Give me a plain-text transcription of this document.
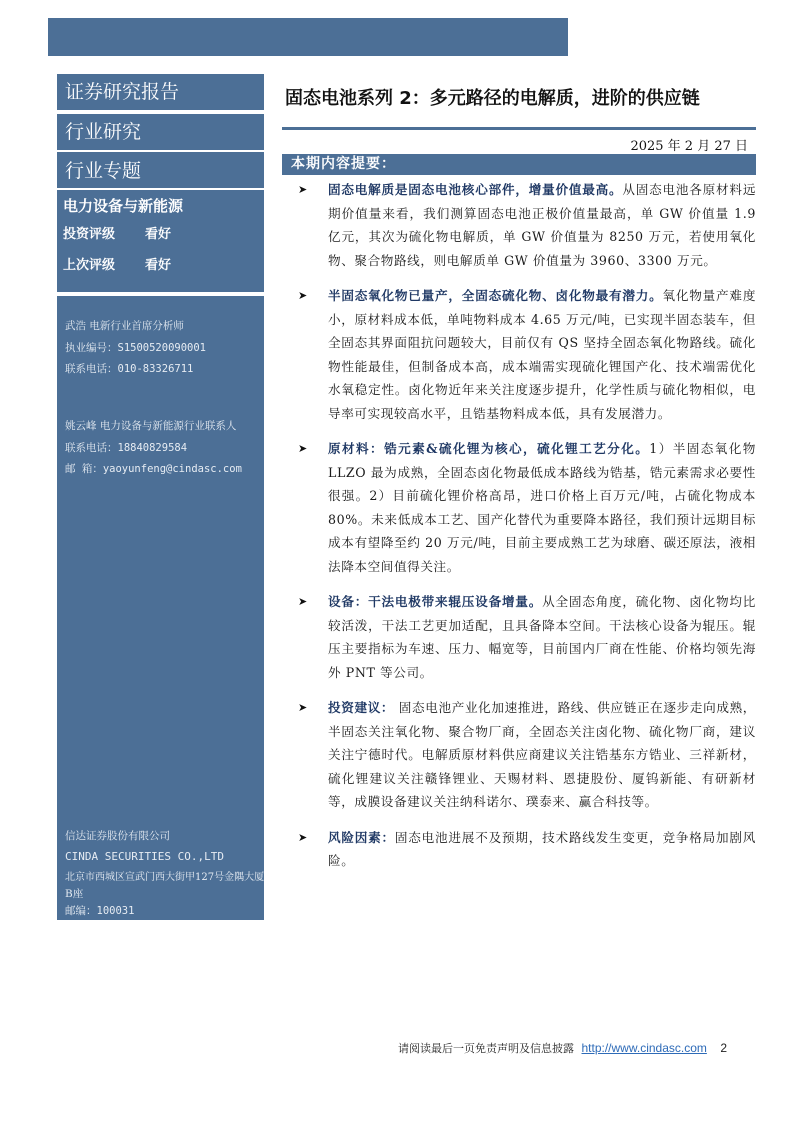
证券研究报告
行业研究
行业专题
电力设备与新能源
投资评级	看好
上次评级	看好
武浩 电新行业首席分析师
执业编号：S1500520090001
联系电话：010-83326711
姚云峰 电力设备与新能源行业联系人
联系电话：18840829584
邮 箱：yaoyunfeng@cindasc.com
信达证券股份有限公司
CINDA SECURITIES CO.,LTD
北京市西城区宣武门西大街甲127号金隅大厦
B座
邮编：100031
固态电池系列 2：多元路径的电解质，进阶的供应链
2025 年 2 月 27 日
本期内容提要：
➤	固态电解质是固态电池核心部件，增量价值最高。从固态电池各原材料远期价值量来看，我们测算固态电池正极价值量最高，单 GW 价值量 1.9 亿元，其次为硫化物电解质，单 GW 价值量为 8250 万元，若使用氧化物、聚合物路线，则电解质单 GW 价值量为 3960、3300 万元。
➤	半固态氧化物已量产，全固态硫化物、卤化物最有潜力。氧化物量产难度小，原材料成本低，单吨物料成本 4.65 万元/吨，已实现半固态装车，但全固态其界面阻抗问题较大，目前仅有 QS 坚持全固态氧化物路线。硫化物性能最佳，但制备成本高，成本端需实现硫化锂国产化、技术端需优化水氧稳定性。卤化物近年来关注度逐步提升，化学性质与硫化物相似，电导率可实现较高水平，且锆基物料成本低，具有发展潜力。
➤	原材料：锆元素&硫化锂为核心，硫化锂工艺分化。1）半固态氧化物 LLZO 最为成熟，全固态卤化物最低成本路线为锆基，锆元素需求必要性很强。2）目前硫化锂价格高昂，进口价格上百万元/吨，占硫化物成本 80%。未来低成本工艺、国产化替代为重要降本路径，我们预计远期目标成本有望降至约 20 万元/吨，目前主要成熟工艺为球磨、碳还原法，液相法降本空间值得关注。
➤	设备：干法电极带来辊压设备增量。从全固态角度，硫化物、卤化物均比较活泼，干法工艺更加适配，且具备降本空间。干法核心设备为辊压。辊压主要指标为车速、压力、幅宽等，目前国内厂商在性能、价格均领先海外 PNT 等公司。
➤	投资建议： 固态电池产业化加速推进，路线、供应链正在逐步走向成熟，半固态关注氧化物、聚合物厂商，全固态关注卤化物、硫化物厂商，建议关注宁德时代。电解质原材料供应商建议关注锆基东方锆业、三祥新材，硫化锂建议关注赣锋锂业、天赐材料、恩捷股份、厦钨新能、有研新材等，成膜设备建议关注纳科诺尔、璞泰来、赢合科技等。
➤	风险因素：固态电池进展不及预期，技术路线发生变更，竞争格局加剧风险。
请阅读最后一页免责声明及信息披露 http://www.cindasc.com 2
